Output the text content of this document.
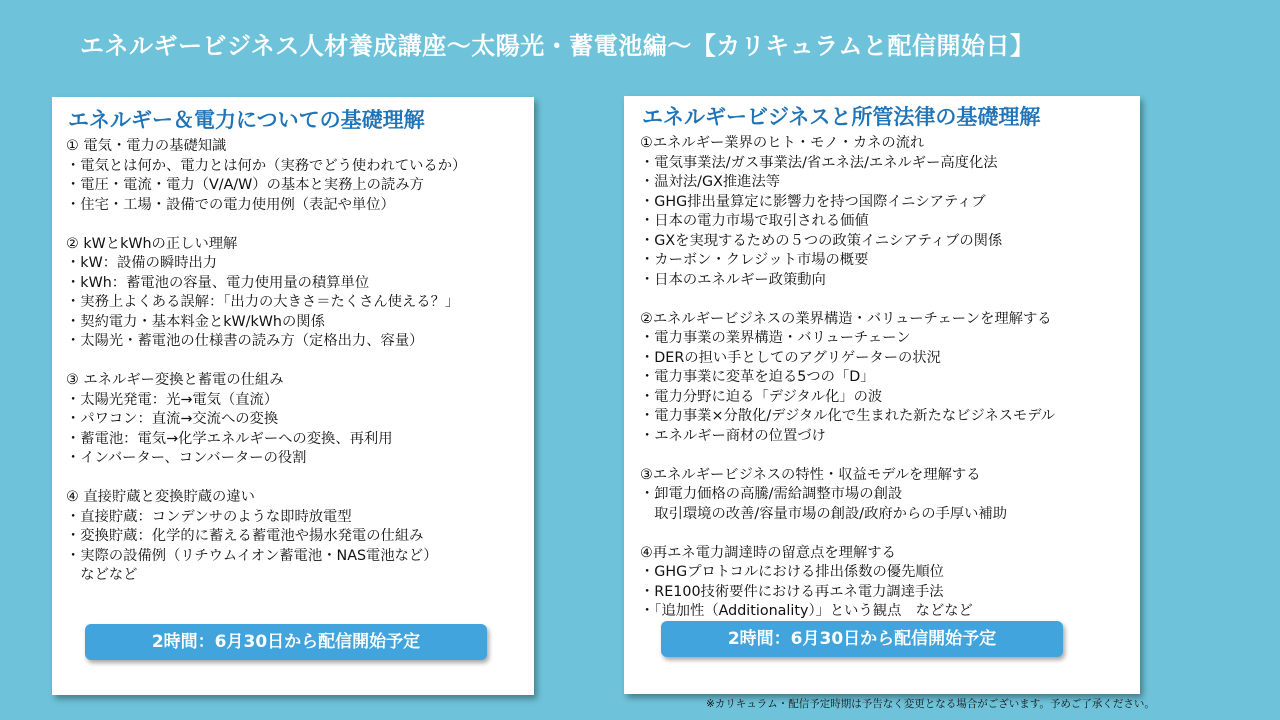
エネルギービジネス人材養成講座〜太陽光・蓄電池編〜【カリキュラムと配信開始日】
エネルギー＆電力についての基礎理解
① 電気・電力の基礎知識
・電気とは何か、電力とは何か（実務でどう使われているか）
・電圧・電流・電力（V/A/W）の基本と実務上の読み方
・住宅・工場・設備での電力使用例（表記や単位）
② kWとkWhの正しい理解
・kW：設備の瞬時出力
・kWh：蓄電池の容量、電力使用量の積算単位
・実務上よくある誤解：「出力の大きさ＝たくさん使える？」
・契約電力・基本料金とkW/kWhの関係
・太陽光・蓄電池の仕様書の読み方（定格出力、容量）
③ エネルギー変換と蓄電の仕組み
・太陽光発電：光→電気（直流）
・パワコン：直流→交流への変換
・蓄電池：電気→化学エネルギーへの変換、再利用
・インバーター、コンバーターの役割
④ 直接貯蔵と変換貯蔵の違い
・直接貯蔵：コンデンサのような即時放電型
・変換貯蔵：化学的に蓄える蓄電池や揚水発電の仕組み
・実際の設備例（リチウムイオン蓄電池・NAS電池など）
　などなど
2時間：6月30日から配信開始予定
エネルギービジネスと所管法律の基礎理解
①エネルギー業界のヒト・モノ・カネの流れ
・電気事業法/ガス事業法/省エネ法/エネルギー高度化法
・温対法/GX推進法等
・GHG排出量算定に影響力を持つ国際イニシアティブ
・日本の電力市場で取引される価値
・GXを実現するための５つの政策イニシアティブの関係
・カーボン・クレジット市場の概要
・日本のエネルギー政策動向
②エネルギービジネスの業界構造・バリューチェーンを理解する
・電力事業の業界構造・バリューチェーン
・DERの担い手としてのアグリゲーターの状況
・電力事業に変革を迫る5つの「D」
・電力分野に迫る「デジタル化」の波
・電力事業×分散化/デジタル化で生まれた新たなビジネスモデル
・エネルギー商材の位置づけ
③エネルギービジネスの特性・収益モデルを理解する
・卸電力価格の高騰/需給調整市場の創設
　取引環境の改善/容量市場の創設/政府からの手厚い補助
④再エネ電力調達時の留意点を理解する
・GHGプロトコルにおける排出係数の優先順位
・RE100技術要件における再エネ電力調達手法
・「追加性（Additionality）」という観点　などなど
2時間：6月30日から配信開始予定
※カリキュラム・配信予定時期は予告なく変更となる場合がございます。予めご了承ください。
